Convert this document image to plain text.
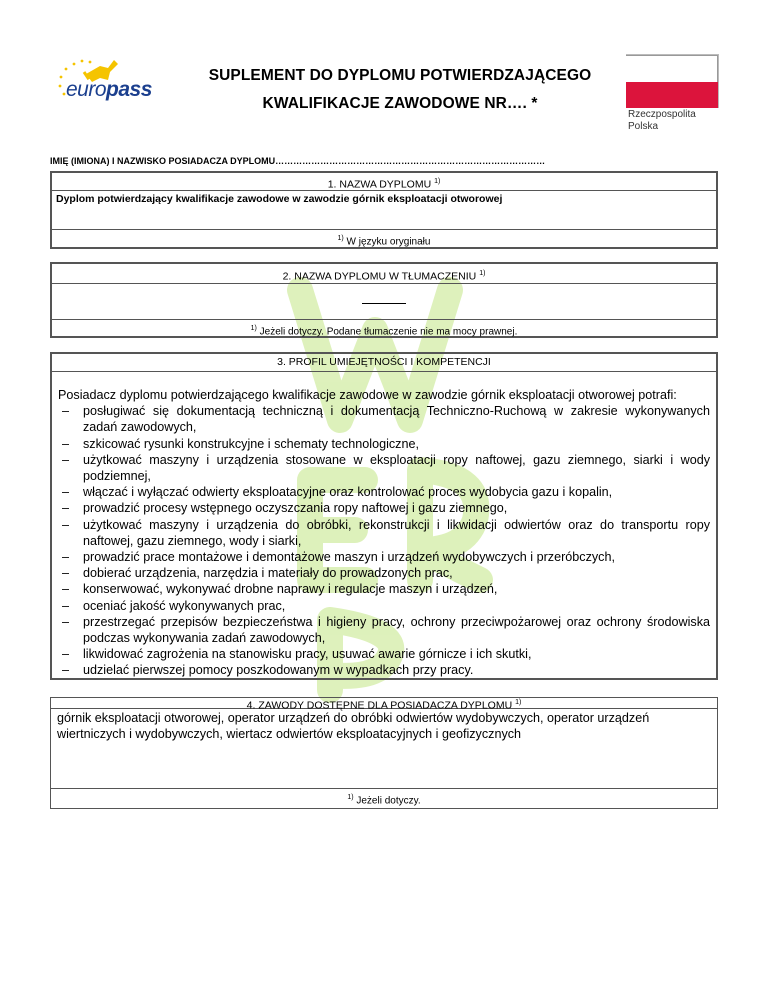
europass
SUPLEMENT DO DYPLOMU POTWIERDZAJĄCEGO
KWALIFIKACJE ZAWODOWE NR…. *
Rzeczpospolita
Polska
IMIĘ (IMIONA) I NAZWISKO POSIADACZA DYPLOMU………………………………………………………………………………
1. NAZWA DYPLOMU $^{1)}$
Dyplom potwierdzający kwalifikacje zawodowe w zawodzie górnik eksploatacji otworowej
$^{1)}$ W języku oryginału
2. NAZWA DYPLOMU W TŁUMACZENIU $^{1)}$
$^{1)}$ Jeżeli dotyczy. Podane tłumaczenie nie ma mocy prawnej.
3. PROFIL UMIEJĘTNOŚCI I KOMPETENCJI
Posiadacz dyplomu potwierdzającego kwalifikacje zawodowe w zawodzie górnik eksploatacji otworowej potrafi:
– posługiwać się dokumentacją techniczną i dokumentacją Techniczno-Ruchową w zakresie wykonywanych zadań zawodowych,
– szkicować rysunki konstrukcyjne i schematy technologiczne,
– użytkować maszyny i urządzenia stosowane w eksploatacji ropy naftowej, gazu ziemnego, siarki i wody podziemnej,
– włączać i wyłączać odwierty eksploatacyjne oraz kontrolować proces wydobycia gazu i kopalin,
– prowadzić procesy wstępnego oczyszczania ropy naftowej i gazu ziemnego,
– użytkować maszyny i urządzenia do obróbki, rekonstrukcji i likwidacji odwiertów oraz do transportu ropy naftowej, gazu ziemnego, wody i siarki,
– prowadzić prace montażowe i demontażowe maszyn i urządzeń wydobywczych i przeróbczych,
– dobierać urządzenia, narzędzia i materiały do prowadzonych prac,
– konserwować, wykonywać drobne naprawy i regulacje maszyn i urządzeń,
– oceniać jakość wykonywanych prac,
– przestrzegać przepisów bezpieczeństwa i higieny pracy, ochrony przeciwpożarowej oraz ochrony środowiska podczas wykonywania zadań zawodowych,
– likwidować zagrożenia na stanowisku pracy, usuwać awarie górnicze i ich skutki,
– udzielać pierwszej pomocy poszkodowanym w wypadkach przy pracy.
4. ZAWODY DOSTĘPNE DLA POSIADACZA DYPLOMU $^{1)}$
górnik eksploatacji otworowej, operator urządzeń do obróbki odwiertów wydobywczych, operator urządzeń wiertniczych i wydobywczych, wiertacz odwiertów eksploatacyjnych i geofizycznych
$^{1)}$ Jeżeli dotyczy.
